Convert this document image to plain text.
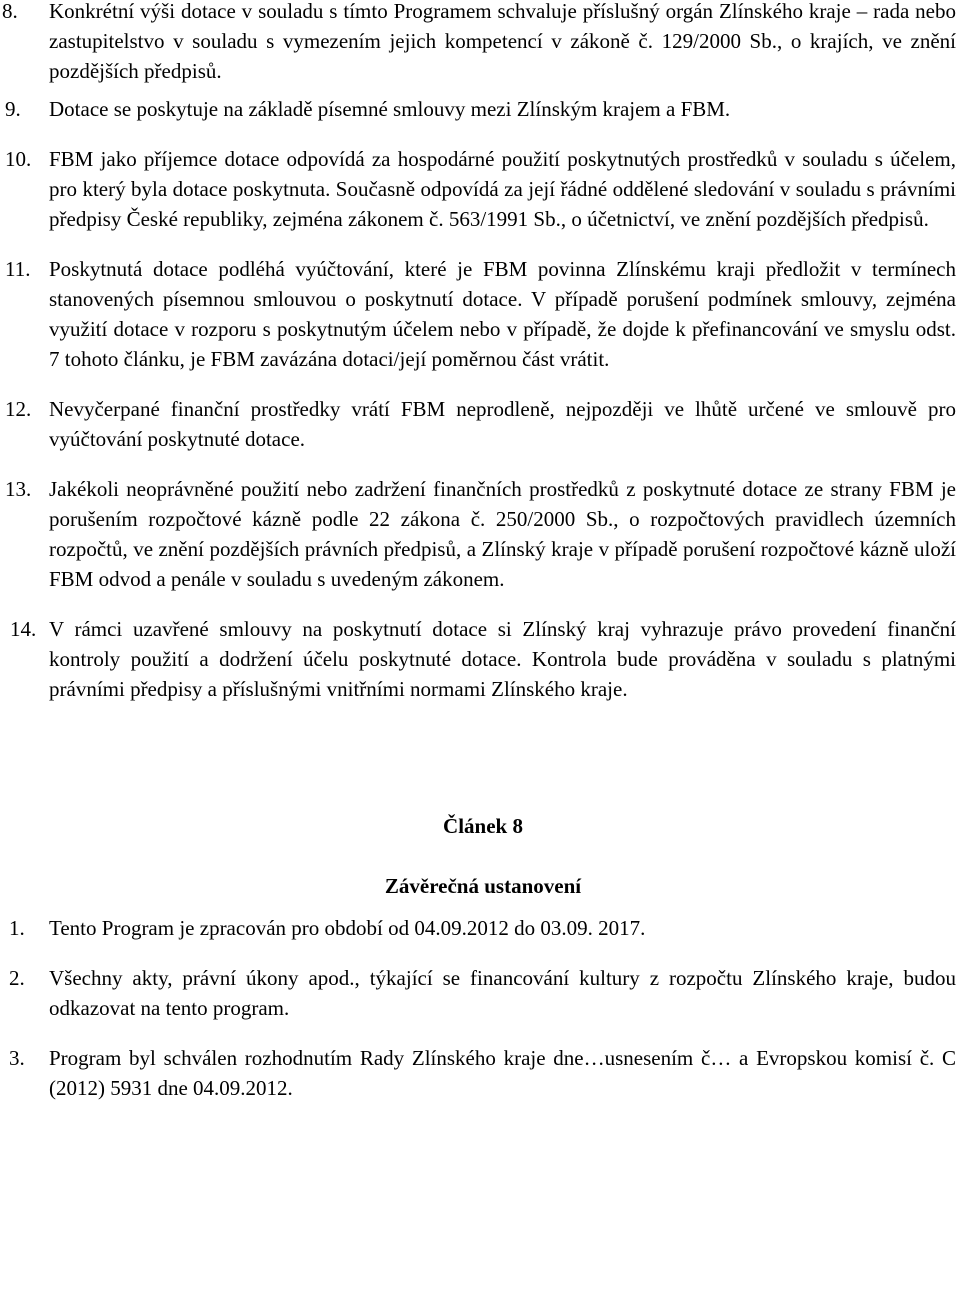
8. Konkrétní výši dotace v souladu s tímto Programem schvaluje příslušný orgán Zlínského kraje – rada nebo zastupitelstvo v souladu s vymezením jejich kompetencí v zákoně č. 129/2000 Sb., o krajích, ve znění pozdějších předpisů.

9. Dotace se poskytuje na základě písemné smlouvy mezi Zlínským krajem a FBM.

10. FBM jako příjemce dotace odpovídá za hospodárné použití poskytnutých prostředků v souladu s účelem, pro který byla dotace poskytnuta. Současně odpovídá za její řádné oddělené sledování v souladu s právními předpisy České republiky, zejména zákonem č. 563/1991 Sb., o účetnictví, ve znění pozdějších předpisů.

11. Poskytnutá dotace podléhá vyúčtování, které je FBM povinna Zlínskému kraji předložit v termínech stanovených písemnou smlouvou o poskytnutí dotace. V případě porušení podmínek smlouvy, zejména využití dotace v rozporu s poskytnutým účelem nebo v případě, že dojde k přefinancování ve smyslu odst. 7 tohoto článku, je FBM zavázána dotaci/její poměrnou část vrátit.

12. Nevyčerpané finanční prostředky vrátí FBM neprodleně, nejpozději ve lhůtě určené ve smlouvě pro vyúčtování poskytnuté dotace.

13. Jakékoli neoprávněné použití nebo zadržení finančních prostředků z poskytnuté dotace ze strany FBM je porušením rozpočtové kázně podle 22 zákona č. 250/2000 Sb., o rozpočtových pravidlech územních rozpočtů, ve znění pozdějších právních předpisů, a Zlínský kraje v případě porušení rozpočtové kázně uloží FBM odvod a penále v souladu s uvedeným zákonem.

14. V rámci uzavřené smlouvy na poskytnutí dotace si Zlínský kraj vyhrazuje právo provedení finanční kontroly použití a dodržení účelu poskytnuté dotace. Kontrola bude prováděna v souladu s platnými právními předpisy a příslušnými vnitřními normami Zlínského kraje.

Článek 8

Závěrečná ustanovení

1. Tento Program je zpracován pro období od 04.09.2012 do 03.09. 2017.

2. Všechny akty, právní úkony apod., týkající se financování kultury z rozpočtu Zlínského kraje, budou odkazovat na tento program.

3. Program byl schválen rozhodnutím Rady Zlínského kraje dne…usnesením č… a Evropskou komisí č. C (2012) 5931 dne 04.09.2012.
